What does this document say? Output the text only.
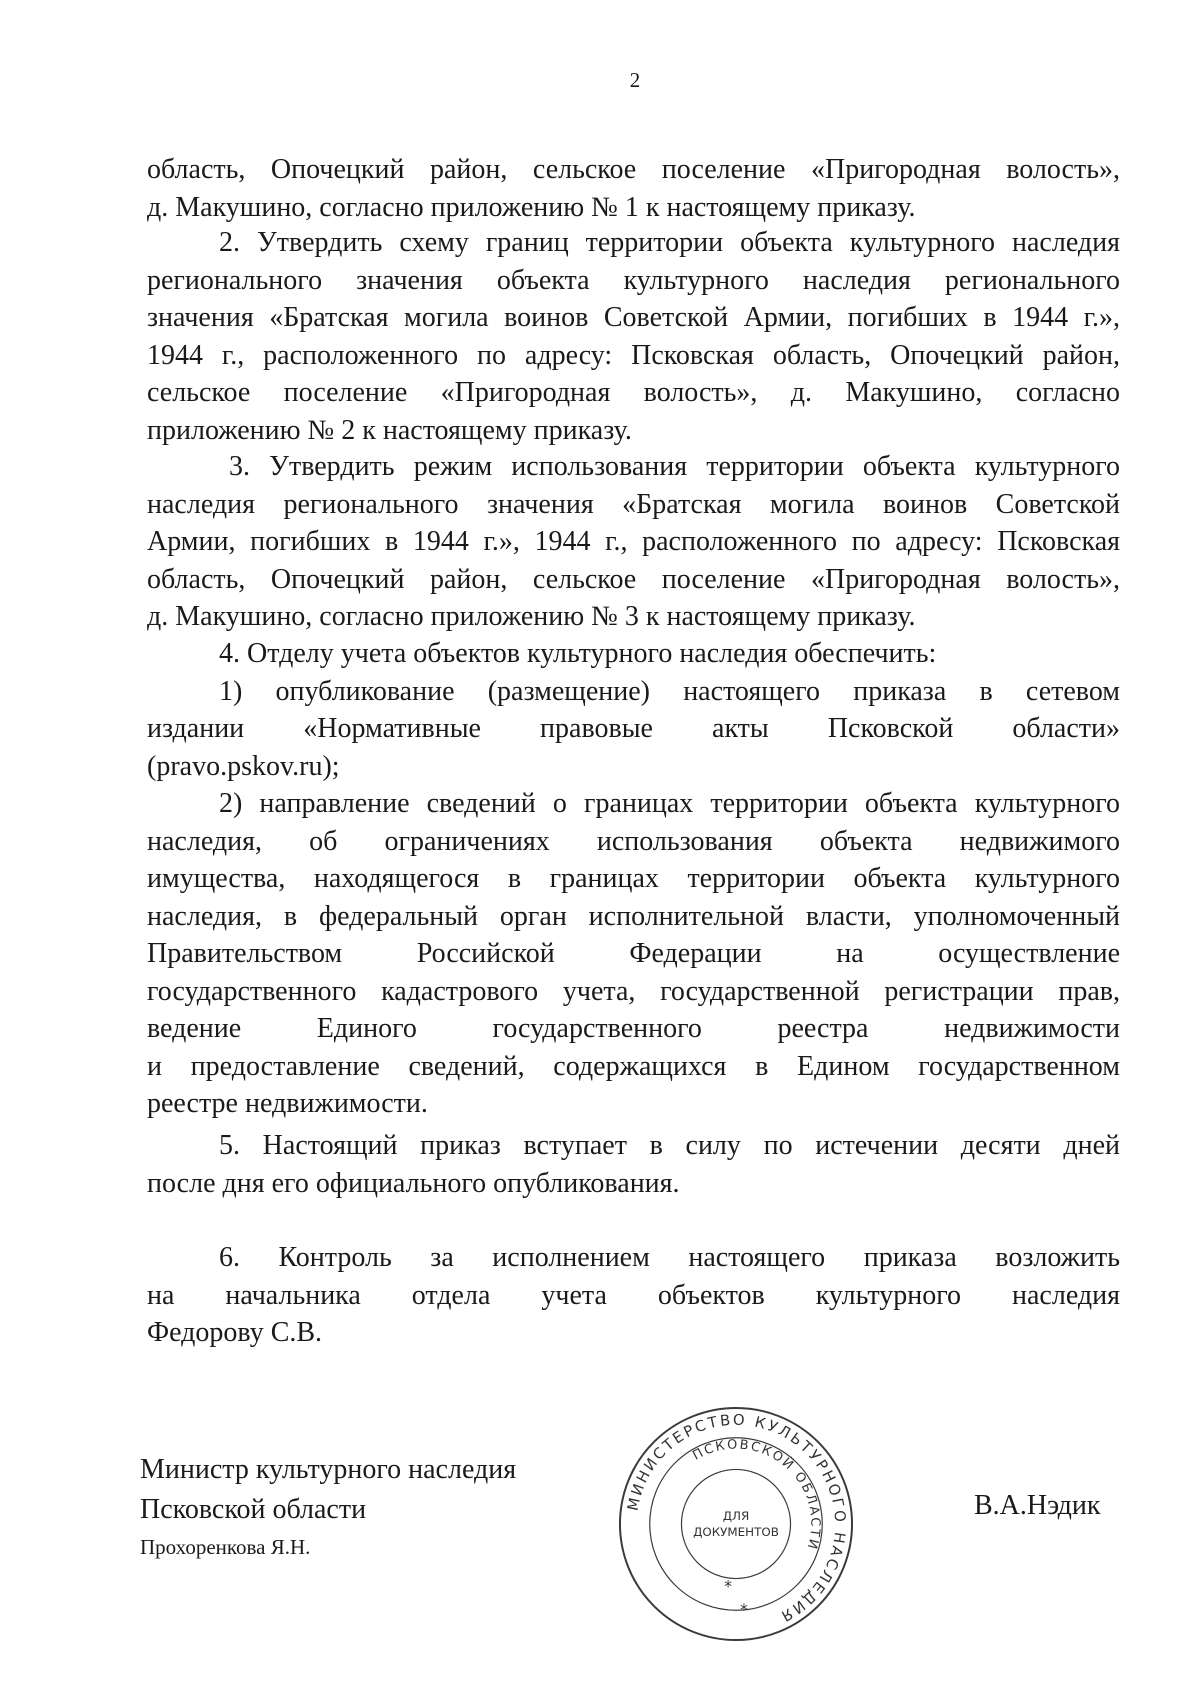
2
область, Опочецкий район, сельское поселение «Пригородная волость»,
д. Макушино, согласно приложению № 1 к настоящему приказу.
2. Утвердить схему границ территории объекта культурного наследия
регионального значения объекта культурного наследия регионального
значения «Братская могила воинов Советской Армии, погибших в 1944 г.»,
1944 г., расположенного по адресу: Псковская область, Опочецкий район,
сельское поселение «Пригородная волость», д. Макушино, согласно
приложению № 2 к настоящему приказу.
3. Утвердить режим использования территории объекта культурного
наследия регионального значения «Братская могила воинов Советской
Армии, погибших в 1944 г.», 1944 г., расположенного по адресу: Псковская
область, Опочецкий район, сельское поселение «Пригородная волость»,
д. Макушино, согласно приложению № 3 к настоящему приказу.
4. Отделу учета объектов культурного наследия обеспечить:
1) опубликование (размещение) настоящего приказа в сетевом
издании «Нормативные правовые акты Псковской области»
(pravo.pskov.ru);
2) направление сведений о границах территории объекта культурного
наследия, об ограничениях использования объекта недвижимого
имущества, находящегося в границах территории объекта культурного
наследия, в федеральный орган исполнительной власти, уполномоченный
Правительством Российской Федерации на осуществление
государственного кадастрового учета, государственной регистрации прав,
ведение Единого государственного реестра недвижимости
и предоставление сведений, содержащихся в Едином государственном
реестре недвижимости.
5. Настоящий приказ вступает в силу по истечении десяти дней
после дня его официального опубликования.
6. Контроль за исполнением настоящего приказа возложить
на начальника отдела учета объектов культурного наследия
Федорову С.В.
Министр культурного наследия
Псковской области
Прохоренкова Я.Н.
В.А.Нэдик
МИНИСТЕРСТВО КУЛЬТУРНОГО НАСЛЕДИЯ
ПСКОВСКОЙ ОБЛАСТИ
ДЛЯ
ДОКУМЕНТОВ
*
*
